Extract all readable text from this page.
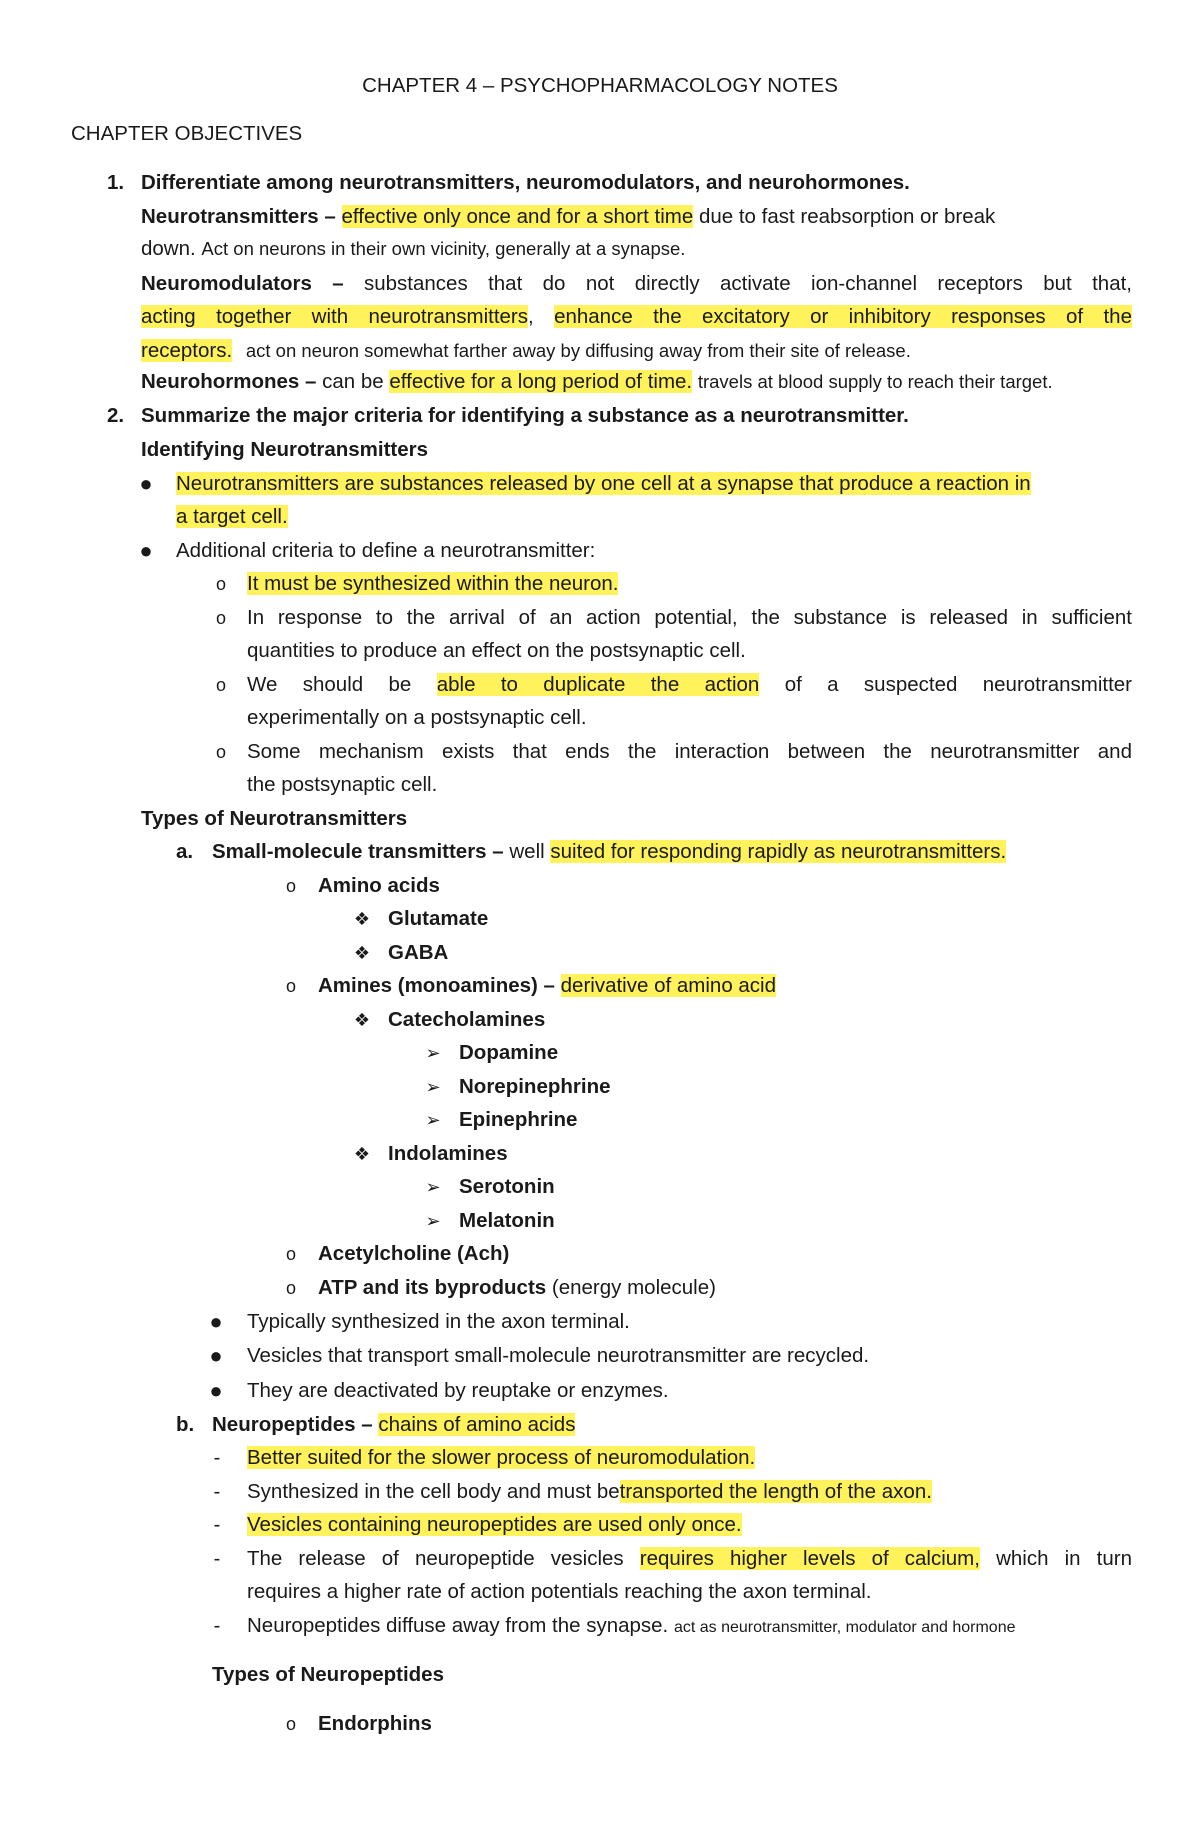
CHAPTER 4 – PSYCHOPHARMACOLOGY NOTES
CHAPTER OBJECTIVES
1. Differentiate among neurotransmitters, neuromodulators, and neurohormones.
Neurotransmitters – effective only once and for a short time due to fast reabsorption or break
down. Act on neurons in their own vicinity, generally at a synapse.
Neuromodulators – substances that do not directly activate ion-channel receptors but that,
acting together with neurotransmitters, enhance the excitatory or inhibitory responses of the
receptors. act on neuron somewhat farther away by diffusing away from their site of release.
Neurohormones – can be effective for a long period of time. travels at blood supply to reach their target.
2. Summarize the major criteria for identifying a substance as a neurotransmitter.
Identifying Neurotransmitters
● Neurotransmitters are substances released by one cell at a synapse that produce a reaction in
a target cell.
● Additional criteria to define a neurotransmitter:
o It must be synthesized within the neuron.
o In response to the arrival of an action potential, the substance is released in sufficient
quantities to produce an effect on the postsynaptic cell.
o We should be able to duplicate the action of a suspected neurotransmitter
experimentally on a postsynaptic cell.
o Some mechanism exists that ends the interaction between the neurotransmitter and
the postsynaptic cell.
Types of Neurotransmitters
a. Small-molecule transmitters – well suited for responding rapidly as neurotransmitters.
o Amino acids
❖ Glutamate
❖ GABA
o Amines (monoamines) – derivative of amino acid
❖ Catecholamines
➢ Dopamine
➢ Norepinephrine
➢ Epinephrine
❖ Indolamines
➢ Serotonin
➢ Melatonin
o Acetylcholine (Ach)
o ATP and its byproducts (energy molecule)
● Typically synthesized in the axon terminal.
● Vesicles that transport small-molecule neurotransmitter are recycled.
● They are deactivated by reuptake or enzymes.
b. Neuropeptides – chains of amino acids
-	Better suited for the slower process of neuromodulation.
-	Synthesized in the cell body and must betransported the length of the axon.
-	Vesicles containing neuropeptides are used only once.
-	The release of neuropeptide vesicles requires higher levels of calcium, which in turn
requires a higher rate of action potentials reaching the axon terminal.
-	Neuropeptides diffuse away from the synapse. act as neurotransmitter, modulator and hormone
Types of Neuropeptides
o Endorphins
